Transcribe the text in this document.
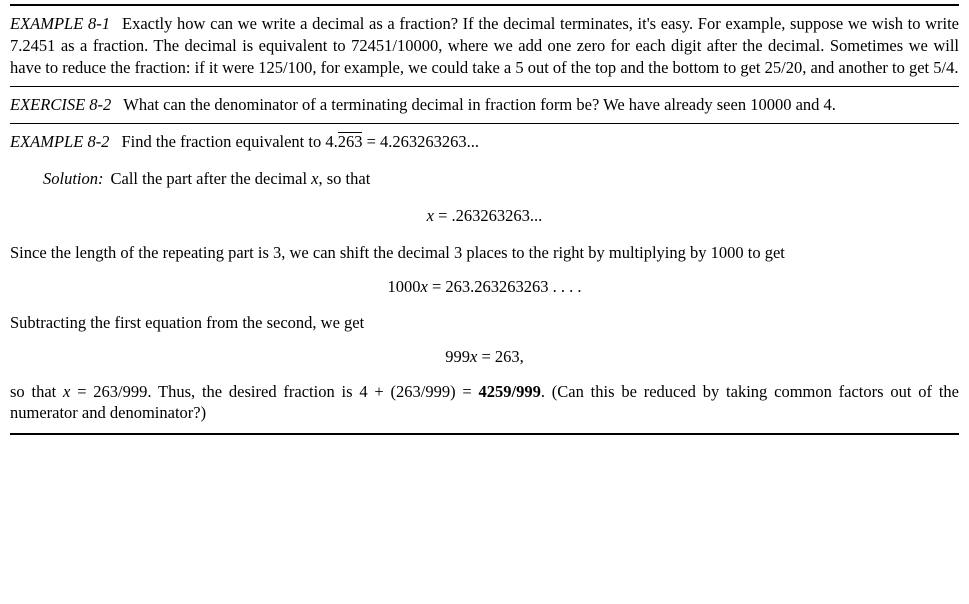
EXAMPLE 8-1 Exactly how can we write a decimal as a fraction? If the decimal terminates, it's easy. For example, suppose we wish to write 7.2451 as a fraction. The decimal is equivalent to 72451/10000, where we add one zero for each digit after the decimal. Sometimes we will have to reduce the fraction: if it were 125/100, for example, we could take a 5 out of the top and the bottom to get 25/20, and another to get 5/4.
EXERCISE 8-2 What can the denominator of a terminating decimal in fraction form be? We have already seen 10000 and 4.
EXAMPLE 8-2 Find the fraction equivalent to 4.263 = 4.263263263...
Solution: Call the part after the decimal x, so that
x = .263263263...
Since the length of the repeating part is 3, we can shift the decimal 3 places to the right by multiplying by 1000 to get
1000x = 263.263263263 . . . .
Subtracting the first equation from the second, we get
999x = 263,
so that x = 263/999. Thus, the desired fraction is 4 + (263/999) = 4259/999. (Can this be reduced by taking common factors out of the numerator and denominator?)
